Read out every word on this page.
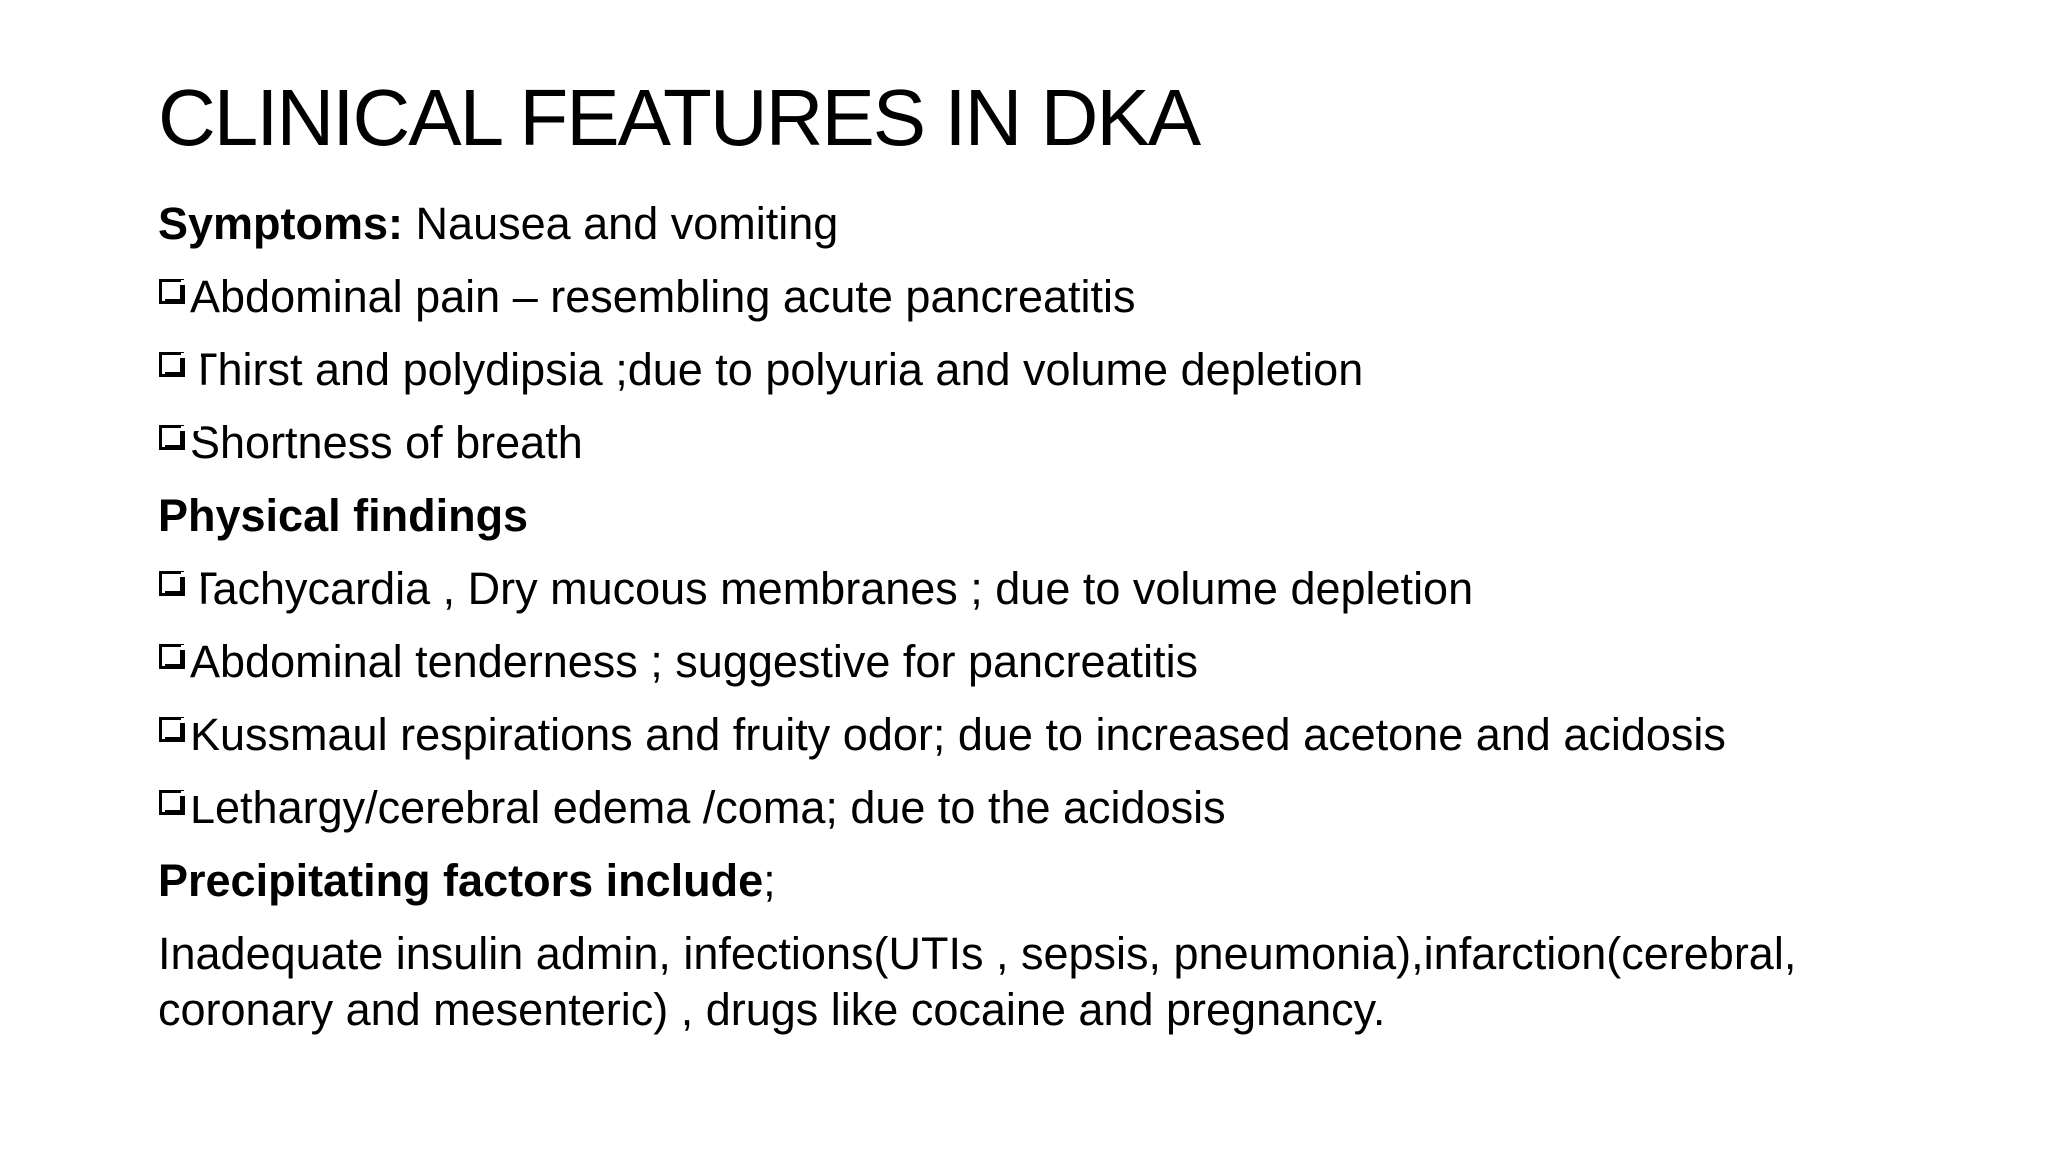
CLINICAL FEATURES IN DKA

Symptoms: Nausea and vomiting

Abdominal pain – resembling acute pancreatitis
Thirst and polydipsia ;due to polyuria and volume depletion
Shortness of breath

Physical findings

Tachycardia , Dry mucous membranes ; due to volume depletion
Abdominal tenderness ; suggestive for pancreatitis
Kussmaul respirations and fruity odor; due to increased acetone and acidosis
Lethargy/cerebral edema /coma; due to the acidosis

Precipitating factors include;

Inadequate insulin admin, infections(UTIs , sepsis, pneumonia),infarction(cerebral, coronary and mesenteric) , drugs like cocaine and pregnancy.
